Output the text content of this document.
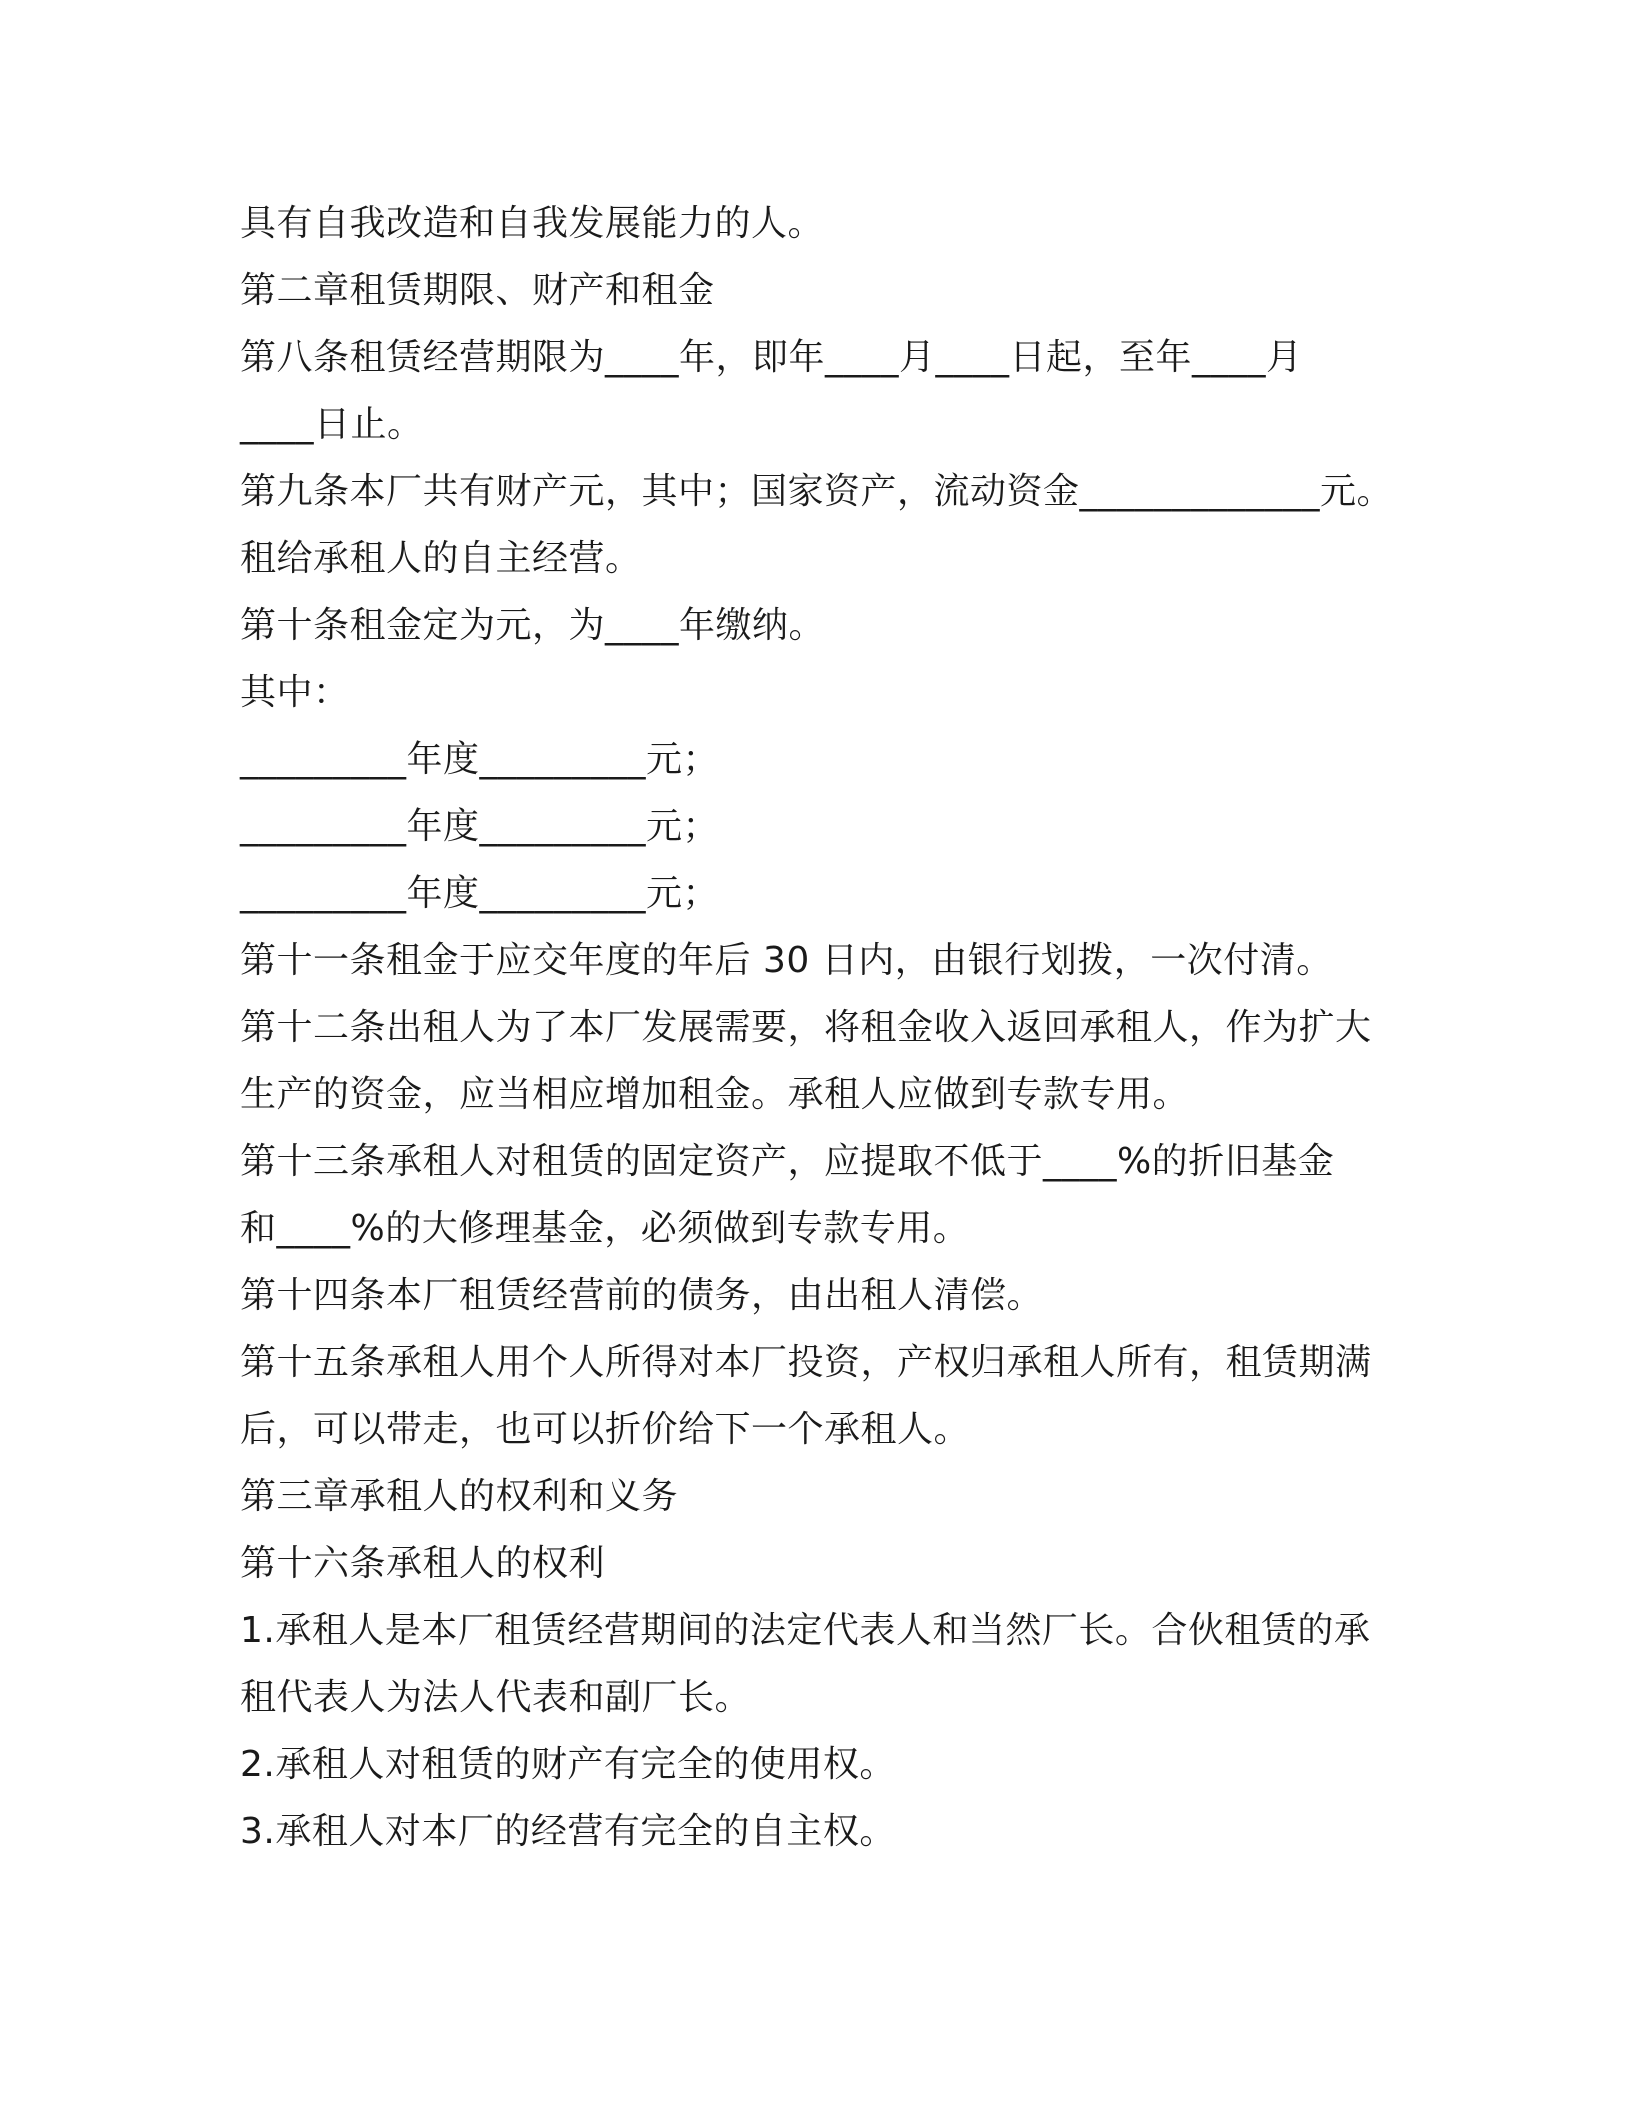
具有自我改造和自我发展能力的人。
第二章租赁期限、财产和租金
第八条租赁经营期限为____年，即年____月____日起，至年____月
____日止。
第九条本厂共有财产元，其中；国家资产，流动资金_____________元。
租给承租人的自主经营。
第十条租金定为元，为____年缴纳。
其中：
_________年度_________元；
_________年度_________元；
_________年度_________元；
第十一条租金于应交年度的年后 30 日内，由银行划拨，一次付清。
第十二条出租人为了本厂发展需要，将租金收入返回承租人，作为扩大
生产的资金，应当相应增加租金。承租人应做到专款专用。
第十三条承租人对租赁的固定资产，应提取不低于____%的折旧基金
和____%的大修理基金，必须做到专款专用。
第十四条本厂租赁经营前的债务，由出租人清偿。
第十五条承租人用个人所得对本厂投资，产权归承租人所有，租赁期满
后，可以带走，也可以折价给下一个承租人。
第三章承租人的权利和义务
第十六条承租人的权利
1.承租人是本厂租赁经营期间的法定代表人和当然厂长。合伙租赁的承
租代表人为法人代表和副厂长。
2.承租人对租赁的财产有完全的使用权。
3.承租人对本厂的经营有完全的自主权。
